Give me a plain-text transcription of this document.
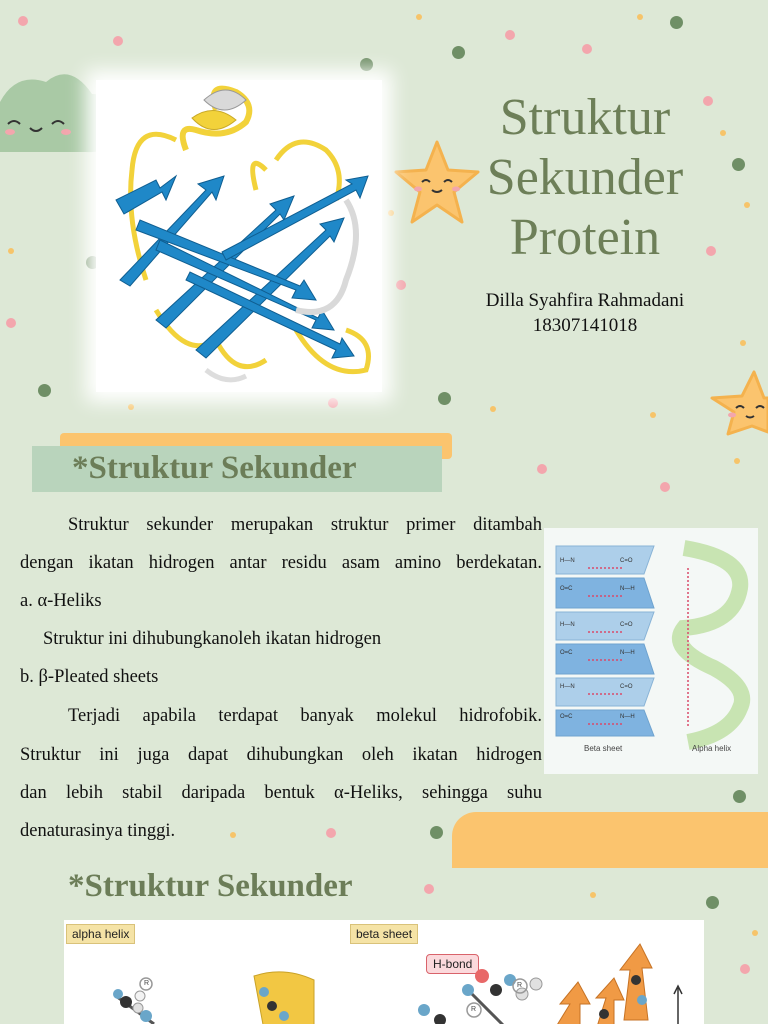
Struktur
Sekunder
Protein
Dilla Syahfira Rahmadani
18307141018
*Struktur Sekunder
Struktur sekunder merupakan struktur primer ditambah
dengan ikatan hidrogen antar residu asam amino berdekatan.
a. α-Heliks
Struktur ini dihubungkanoleh ikatan hidrogen
b. β-Pleated sheets
Terjadi apabila terdapat banyak molekul hidrofobik.
Struktur ini juga dapat dihubungkan oleh ikatan hidrogen
dan lebih stabil daripada bentuk α-Heliks, sehingga suhu
denaturasinya tinggi.
H—N	C=O
O=C	N—H
H—N	C=O
O=C	N—H
H—N	C=O
O=C	N—H
Beta sheet	Alpha helix
*Struktur Sekunder
alpha helix	beta sheet
H-bond
R	R
R
